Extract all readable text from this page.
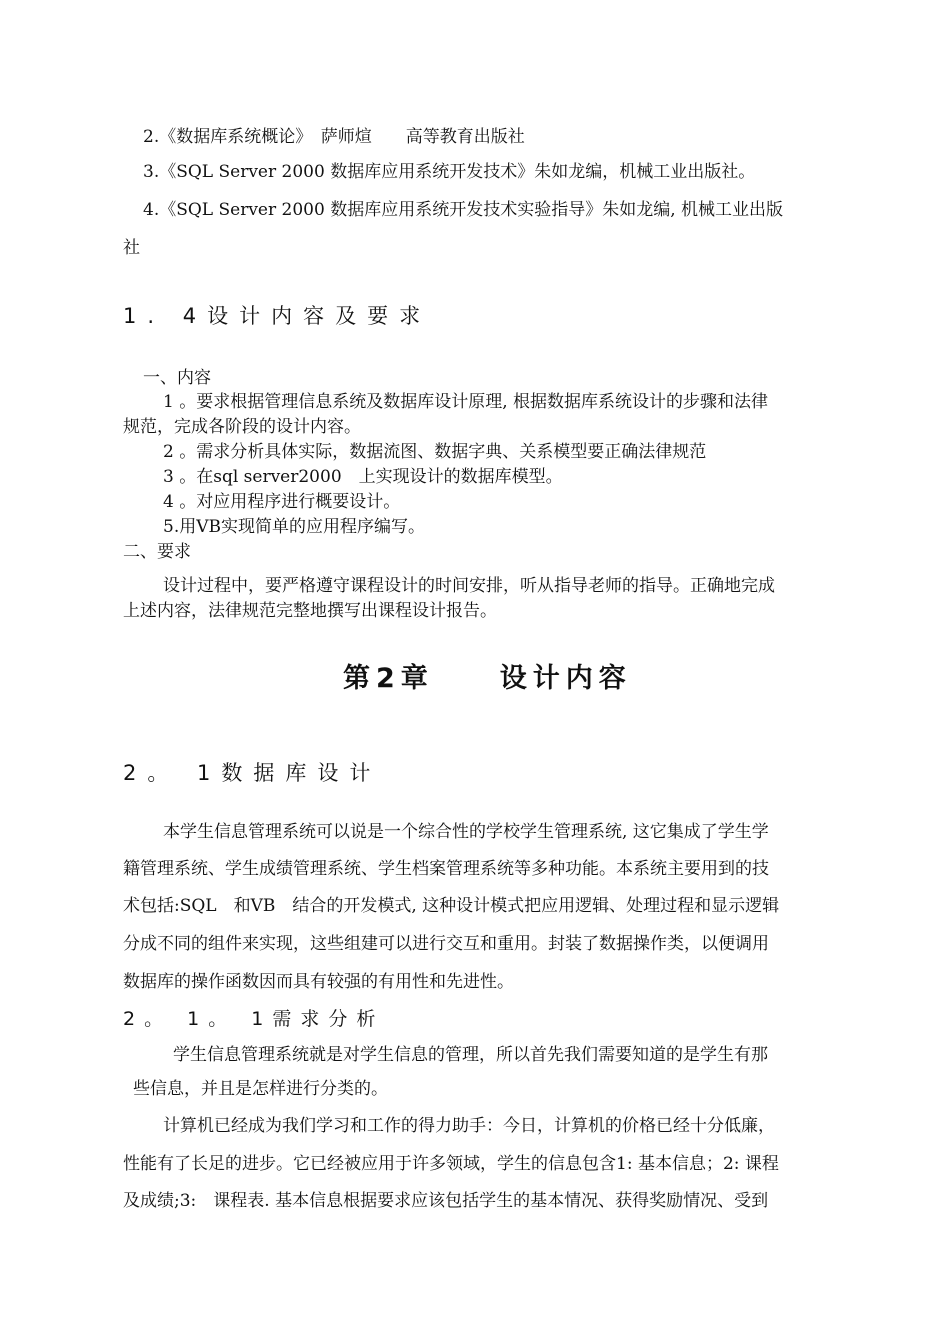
2.《数据库系统概论》　萨师煊　　高等教育出版社
3.《SQL Server 2000 数据库应用系统开发技术》朱如龙编，机械工业出版社。
4.《SQL Server 2000 数据库应用系统开发技术实验指导》朱如龙编, 机械工业出版
社
1. 4设计内容及要求
一、内容
1 。要求根据管理信息系统及数据库设计原理, 根据数据库系统设计的步骤和法律
规范，完成各阶段的设计内容。
2 。需求分析具体实际，数据流图、数据字典、关系模型要正确法律规范
3 。在sql server2000　上实现设计的数据库模型。
4 。对应用程序进行概要设计。
5.用VB实现简单的应用程序编写。
二、要求
设计过程中，要严格遵守课程设计的时间安排，听从指导老师的指导。正确地完成
上述内容，法律规范完整地撰写出课程设计报告。
第2章　　设计内容
2。 1数据库设计
本学生信息管理系统可以说是一个综合性的学校学生管理系统, 这它集成了学生学
籍管理系统、学生成绩管理系统、学生档案管理系统等多种功能。本系统主要用到的技
术包括:SQL　和VB　结合的开发模式, 这种设计模式把应用逻辑、处理过程和显示逻辑
分成不同的组件来实现，这些组建可以进行交互和重用。封装了数据操作类，以便调用
数据库的操作函数因而具有较强的有用性和先进性。
2。 1。 1需求分析
学生信息管理系统就是对学生信息的管理，所以首先我们需要知道的是学生有那
些信息，并且是怎样进行分类的。
计算机已经成为我们学习和工作的得力助手：今日，计算机的价格已经十分低廉，
性能有了长足的进步。它已经被应用于许多领域，学生的信息包含1: 基本信息；2: 课程
及成绩;3:　课程表. 基本信息根据要求应该包括学生的基本情况、获得奖励情况、受到
